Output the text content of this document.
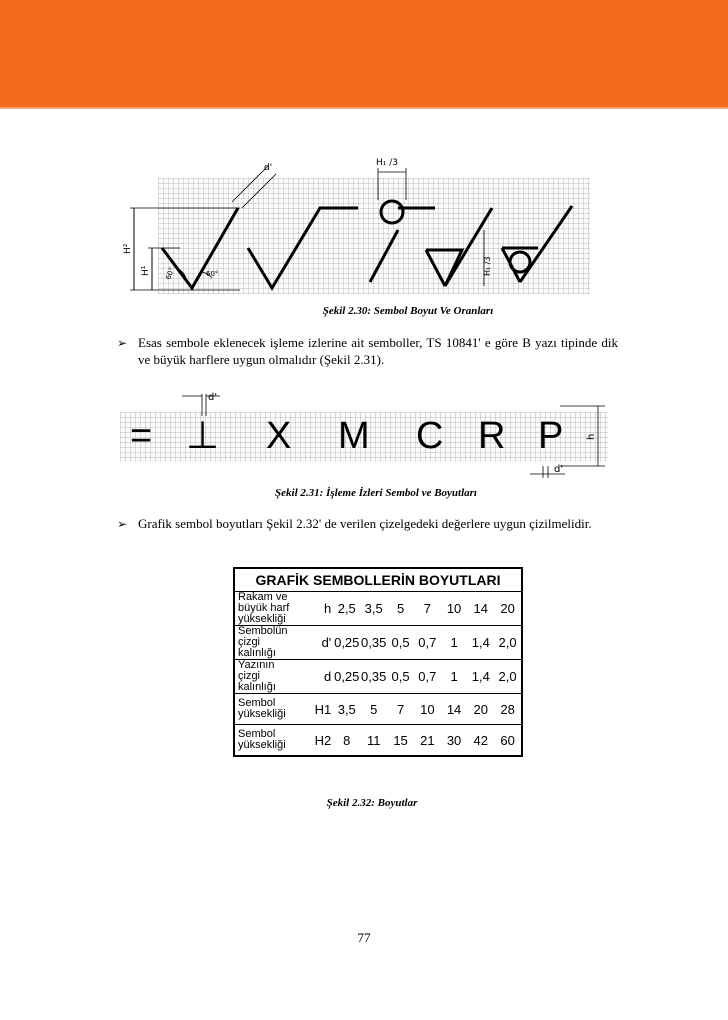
d'	H₁ /3
H²
H¹ 60°	60°	H₁ /3
Şekil 2.30: Sembol Boyut Ve Oranları
➢ Esas sembole eklenecek işleme izlerine ait semboller, TS 10841' e göre B yazı tipinde dik ve büyük harflere uygun olmalıdır (Şekil 2.31).
= ⊥ X M C R P
d'
d'
h
Şekil 2.31: İşleme İzleri Sembol ve Boyutları
➢ Grafik sembol boyutları Şekil 2.32' de verilen çizelgedeki değerlere uygun çizilmelidir.
GRAFİK SEMBOLLERİN BOYUTLARI								
Rakam ve
büyük harf
yüksekliği	h	2,5	3,5	5	7	10	14	20
Sembolün
çizgi
kalınlığı	d'	0,25	0,35	0,5	0,7	1	1,4	2,0
Yazının
çizgi
kalınlığı	d	0,25	0,35	0,5	0,7	1	1,4	2,0
Sembol
yüksekliği	H1	3,5	5	7	10	14	20	28
Sembol
yüksekliği	H2	8	11	15	21	30	42	60
Şekil 2.32: Boyutlar
77
